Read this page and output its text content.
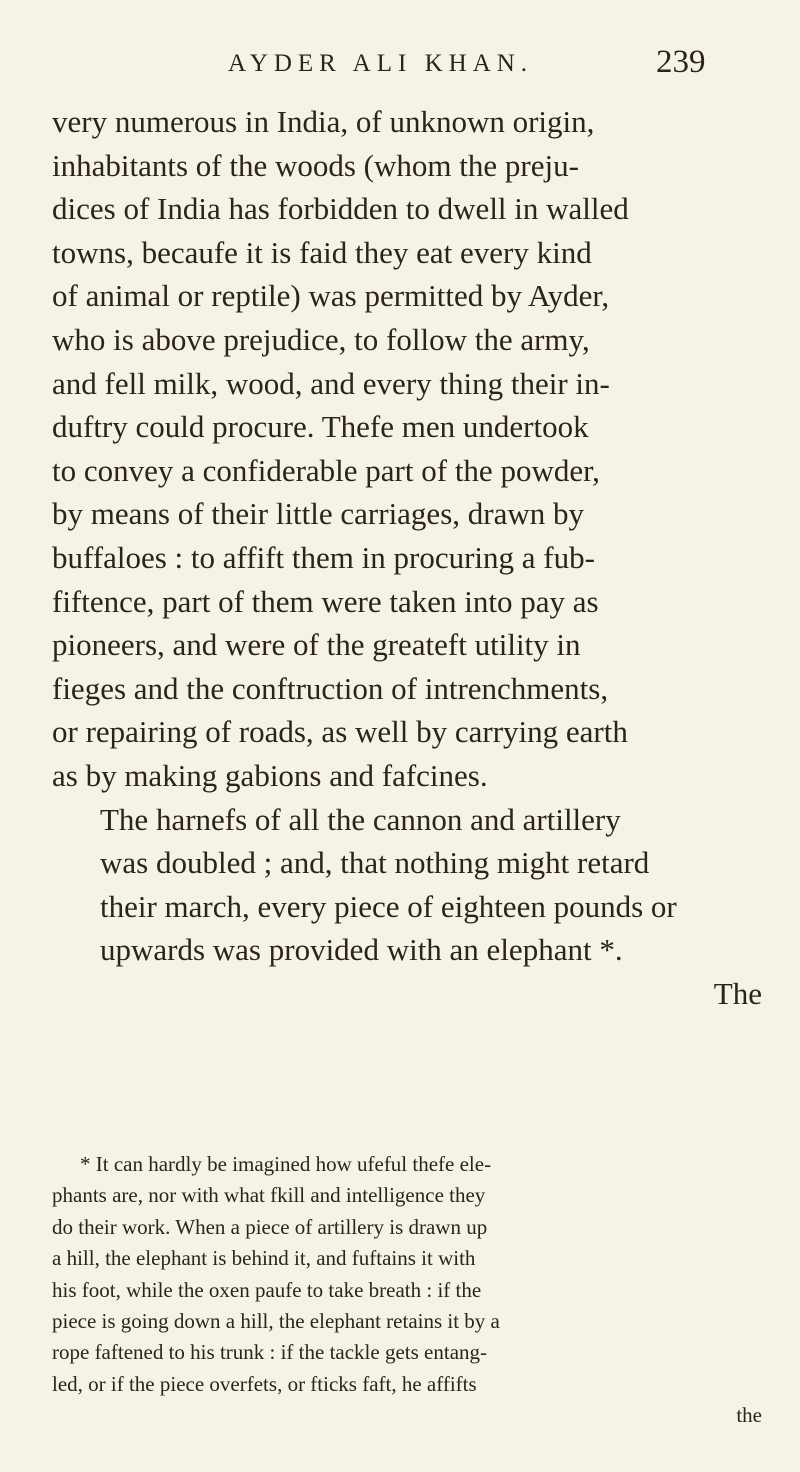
AYDER ALI KHAN.	239
very numerous in India, of unknown origin,
inhabitants of the woods (whom the preju-
dices of India has forbidden to dwell in walled
towns, becaufe it is faid they eat every kind
of animal or reptile) was permitted by Ayder,
who is above prejudice, to follow the army,
and fell milk, wood, and every thing their in-
duftry could procure. Thefe men undertook
to convey a confiderable part of the powder,
by means of their little carriages, drawn by
buffaloes : to affift them in procuring a fub-
fiftence, part of them were taken into pay as
pioneers, and were of the greateft utility in
fieges and the conftruction of intrenchments,
or repairing of roads, as well by carrying earth
as by making gabions and fafcines.
The harnefs of all the cannon and artillery
was doubled ; and, that nothing might retard
their march, every piece of eighteen pounds or
upwards was provided with an elephant *.
The
* It can hardly be imagined how ufeful thefe ele-
phants are, nor with what fkill and intelligence they
do their work. When a piece of artillery is drawn up
a hill, the elephant is behind it, and fuftains it with
his foot, while the oxen paufe to take breath : if the
piece is going down a hill, the elephant retains it by a
rope faftened to his trunk : if the tackle gets entang-
led, or if the piece overfets, or fticks faft, he affifts
the
